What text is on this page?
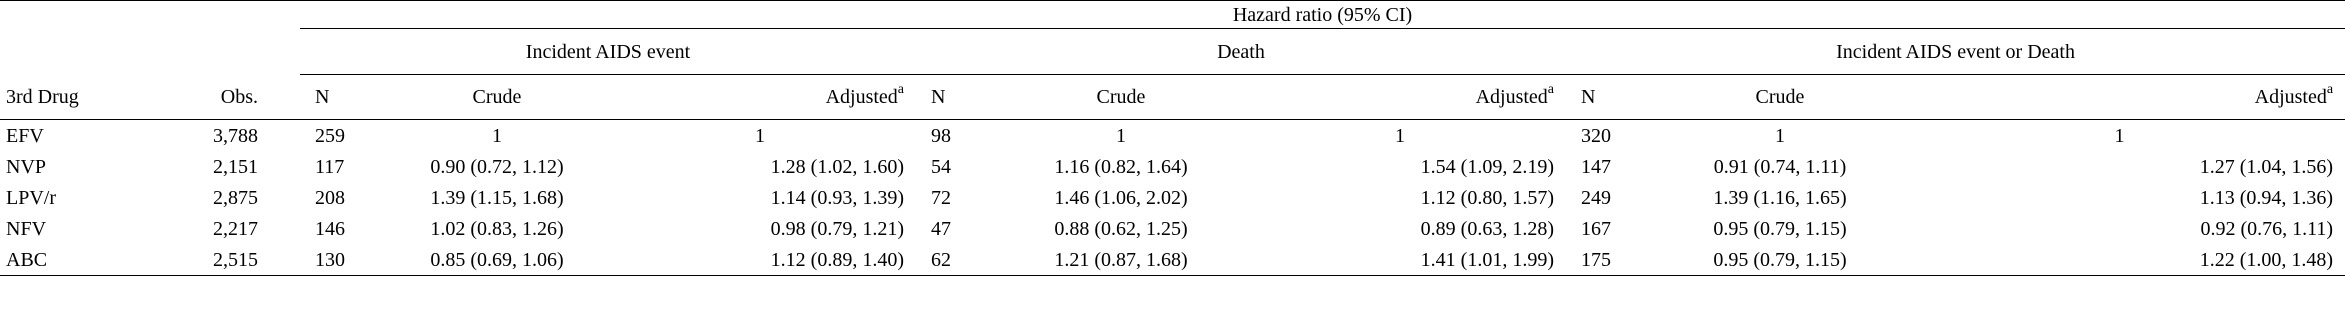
		Hazard ratio (95% CI)								
		Incident AIDS event			Death			Incident AIDS event or Death		
3rd Drug	Obs.	N	Crude	Adjusted$^a$	N	Crude	Adjusted$^a$	N	Crude	Adjusted$^a$
EFV	3,788	259	1	1	98	1	1	320	1	1
NVP	2,151	117	0.90 (0.72, 1.12)	1.28 (1.02, 1.60)	54	1.16 (0.82, 1.64)	1.54 (1.09, 2.19)	147	0.91 (0.74, 1.11)	1.27 (1.04, 1.56)
LPV/r	2,875	208	1.39 (1.15, 1.68)	1.14 (0.93, 1.39)	72	1.46 (1.06, 2.02)	1.12 (0.80, 1.57)	249	1.39 (1.16, 1.65)	1.13 (0.94, 1.36)
NFV	2,217	146	1.02 (0.83, 1.26)	0.98 (0.79, 1.21)	47	0.88 (0.62, 1.25)	0.89 (0.63, 1.28)	167	0.95 (0.79, 1.15)	0.92 (0.76, 1.11)
ABC	2,515	130	0.85 (0.69, 1.06)	1.12 (0.89, 1.40)	62	1.21 (0.87, 1.68)	1.41 (1.01, 1.99)	175	0.95 (0.79, 1.15)	1.22 (1.00, 1.48)
